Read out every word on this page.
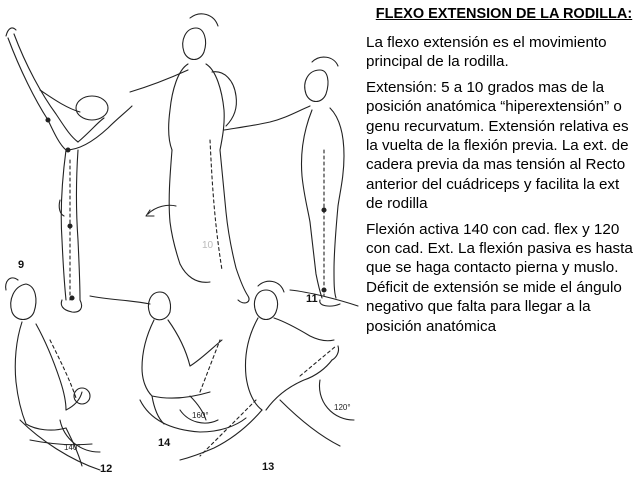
9
10
11
12	13
14
140°
160°
120°
FLEXO EXTENSION DE LA RODILLA:

La flexo extensión es el movimiento principal de la rodilla.

Extensión: 5 a 10 grados mas de la posición anatómica “hiperextensión” o genu recurvatum. Extensión relativa es la vuelta de la flexión previa. La ext. de cadera previa da mas tensión al Recto anterior del cuádriceps y facilita la ext de rodilla

Flexión activa 140 con cad. flex y 120 con cad. Ext. La flexión pasiva es hasta que se haga contacto pierna y muslo. Déficit de extensión se mide el ángulo negativo que falta para llegar a la posición anatómica
